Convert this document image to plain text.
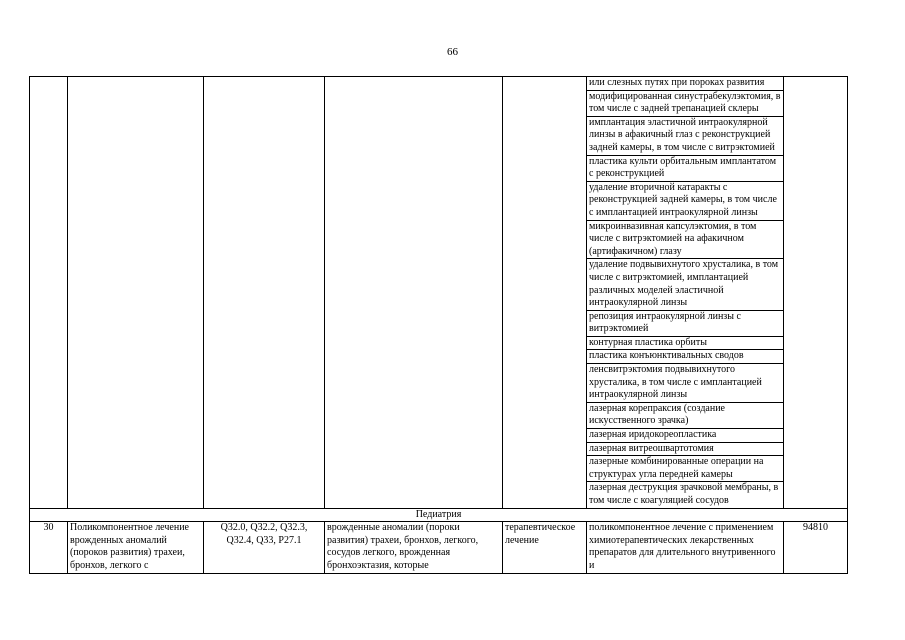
66
					или слезных путях при пороках развития	
					модифицированная синустрабекулэктомия, в том числе с задней трепанацией склеры	
					имплантация эластичной интраокулярной линзы в афакичный глаз с реконструкцией задней камеры, в том числе с витрэктомией	
					пластика культи орбитальным имплантатом с реконструкцией	
					удаление вторичной катаракты с реконструкцией задней камеры, в том числе с имплантацией интраокулярной линзы	
					микроинвазивная капсулэктомия, в том числе с витрэктомией на афакичном (артифакичном) глазу	
					удаление подвывихнутого хрусталика, в том числе с витрэктомией, имплантацией различных моделей эластичной интраокулярной линзы	
					репозиция интраокулярной линзы с витрэктомией	
					контурная пластика орбиты	
					пластика конъюнктивальных сводов	
					ленсвитрэктомия подвывихнутого хрусталика, в том числе с имплантацией интраокулярной линзы	
					лазерная корепраксия (создание искусственного зрачка)	
					лазерная иридокореопластика	
					лазерная витреошвартотомия	
					лазерные комбинированные операции на структурах угла передней камеры	
					лазерная деструкция зрачковой мембраны, в том числе с коагуляцией сосудов	
Педиатрия						
30	Поликомпонентное лечение врожденных аномалий (пороков развития) трахеи, бронхов, легкого с	Q32.0, Q32.2, Q32.3, Q32.4, Q33, P27.1	врожденные аномалии (пороки развития) трахеи, бронхов, легкого, сосудов легкого, врожденная бронхоэктазия, которые	терапевтическое лечение	поликомпонентное лечение с применением химиотерапевтических лекарственных препаратов для длительного внутривенного и	94810
